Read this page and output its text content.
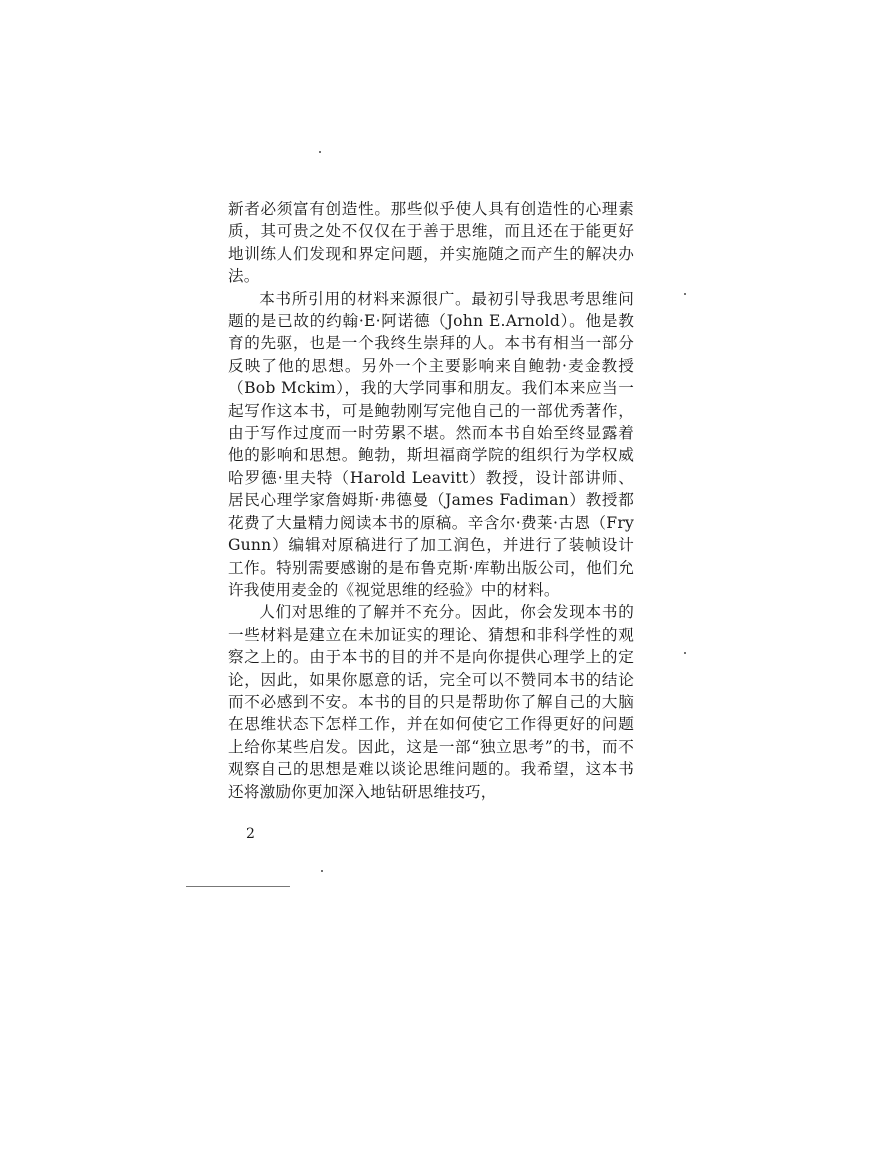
新者必须富有创造性。那些似乎使人具有创造性的心理素质，其可贵之处不仅仅在于善于思维，而且还在于能更好地训练人们发现和界定问题，并实施随之而产生的解决办法。

本书所引用的材料来源很广。最初引导我思考思维问题的是已故的约翰·E·阿诺德（John E.Arnold）。他是教育的先驱，也是一个我终生崇拜的人。本书有相当一部分反映了他的思想。另外一个主要影响来自鲍勃·麦金教授（Bob Mckim），我的大学同事和朋友。我们本来应当一起写作这本书，可是鲍勃刚写完他自己的一部优秀著作，由于写作过度而一时劳累不堪。然而本书自始至终显露着他的影响和思想。鲍勃，斯坦福商学院的组织行为学权威哈罗德·里夫特（Harold Leavitt）教授，设计部讲师、居民心理学家詹姆斯·弗德曼（James Fadiman）教授都花费了大量精力阅读本书的原稿。辛含尔·费莱·古恩（Fry Gunn）编辑对原稿进行了加工润色，并进行了装帧设计工作。特别需要感谢的是布鲁克斯·库勒出版公司，他们允许我使用麦金的《视觉思维的经验》中的材料。

人们对思维的了解并不充分。因此，你会发现本书的一些材料是建立在未加证实的理论、猜想和非科学性的观察之上的。由于本书的目的并不是向你提供心理学上的定论，因此，如果你愿意的话，完全可以不赞同本书的结论而不必感到不安。本书的目的只是帮助你了解自己的大脑在思维状态下怎样工作，并在如何使它工作得更好的问题上给你某些启发。因此，这是一部“独立思考”的书，而不观察自己的思想是难以谈论思维问题的。我希望，这本书还将激励你更加深入地钻研思维技巧，

2
